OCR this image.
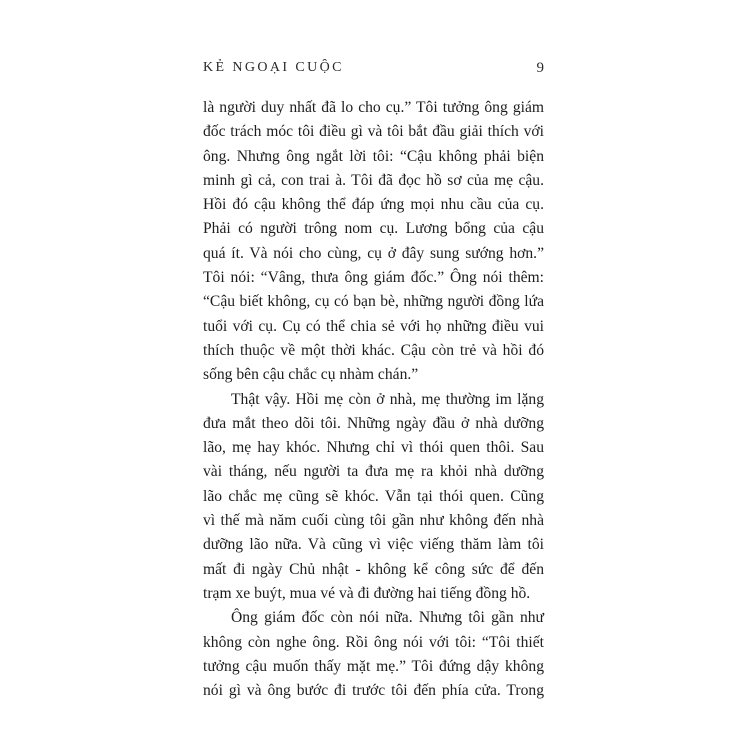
KẺ NGOẠI CUỘC	9
là người duy nhất đã lo cho cụ.” Tôi tưởng ông giám
đốc trách móc tôi điều gì và tôi bắt đầu giải thích với
ông. Nhưng ông ngắt lời tôi: “Cậu không phải biện
minh gì cả, con trai à. Tôi đã đọc hồ sơ của mẹ cậu.
Hồi đó cậu không thể đáp ứng mọi nhu cầu của cụ.
Phải có người trông nom cụ. Lương bổng của cậu
quá ít. Và nói cho cùng, cụ ở đây sung sướng hơn.”
Tôi nói: “Vâng, thưa ông giám đốc.” Ông nói thêm:
“Cậu biết không, cụ có bạn bè, những người đồng lứa
tuổi với cụ. Cụ có thể chia sẻ với họ những điều vui
thích thuộc về một thời khác. Cậu còn trẻ và hồi đó
sống bên cậu chắc cụ nhàm chán.”
Thật vậy. Hồi mẹ còn ở nhà, mẹ thường im lặng
đưa mắt theo dõi tôi. Những ngày đầu ở nhà dưỡng
lão, mẹ hay khóc. Nhưng chỉ vì thói quen thôi. Sau
vài tháng, nếu người ta đưa mẹ ra khỏi nhà dưỡng
lão chắc mẹ cũng sẽ khóc. Vẫn tại thói quen. Cũng
vì thế mà năm cuối cùng tôi gần như không đến nhà
dưỡng lão nữa. Và cũng vì việc viếng thăm làm tôi
mất đi ngày Chủ nhật - không kể công sức để đến
trạm xe buýt, mua vé và đi đường hai tiếng đồng hồ.
Ông giám đốc còn nói nữa. Nhưng tôi gần như
không còn nghe ông. Rồi ông nói với tôi: “Tôi thiết
tưởng cậu muốn thấy mặt mẹ.” Tôi đứng dậy không
nói gì và ông bước đi trước tôi đến phía cửa. Trong
